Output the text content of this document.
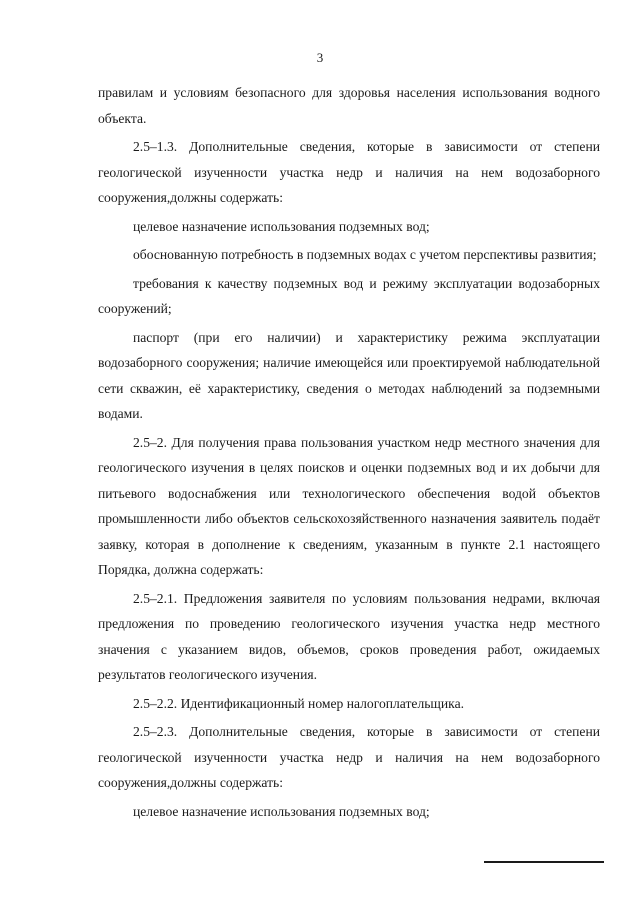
3

правилам и условиям безопасного для здоровья населения использования водного объекта.

2.5–1.3. Дополнительные сведения, которые в зависимости от степени геологической изученности участка недр и наличия на нем водозаборного сооружения,должны содержать:

целевое назначение использования подземных вод;

обоснованную потребность в подземных водах с учетом перспективы развития;

требования к качеству подземных вод и режиму эксплуатации водозаборных сооружений;

паспорт (при его наличии) и характеристику режима эксплуатации водозаборного сооружения; наличие имеющейся или проектируемой наблюдательной сети скважин, её характеристику, сведения о методах наблюдений за подземными водами.

2.5–2. Для получения права пользования участком недр местного значения для геологического изучения в целях поисков и оценки подземных вод и их добычи для питьевого водоснабжения или технологического обеспечения водой объектов промышленности либо объектов сельскохозяйственного назначения заявитель подаёт заявку, которая в дополнение к сведениям, указанным в пункте 2.1 настоящего Порядка, должна содержать:

2.5–2.1. Предложения заявителя по условиям пользования недрами, включая предложения по проведению геологического изучения участка недр местного значения с указанием видов, объемов, сроков проведения работ, ожидаемых результатов геологического изучения.

2.5–2.2. Идентификационный номер налогоплательщика.

2.5–2.3. Дополнительные сведения, которые в зависимости от степени геологической изученности участка недр и наличия на нем водозаборного сооружения,должны содержать:

целевое назначение использования подземных вод;
